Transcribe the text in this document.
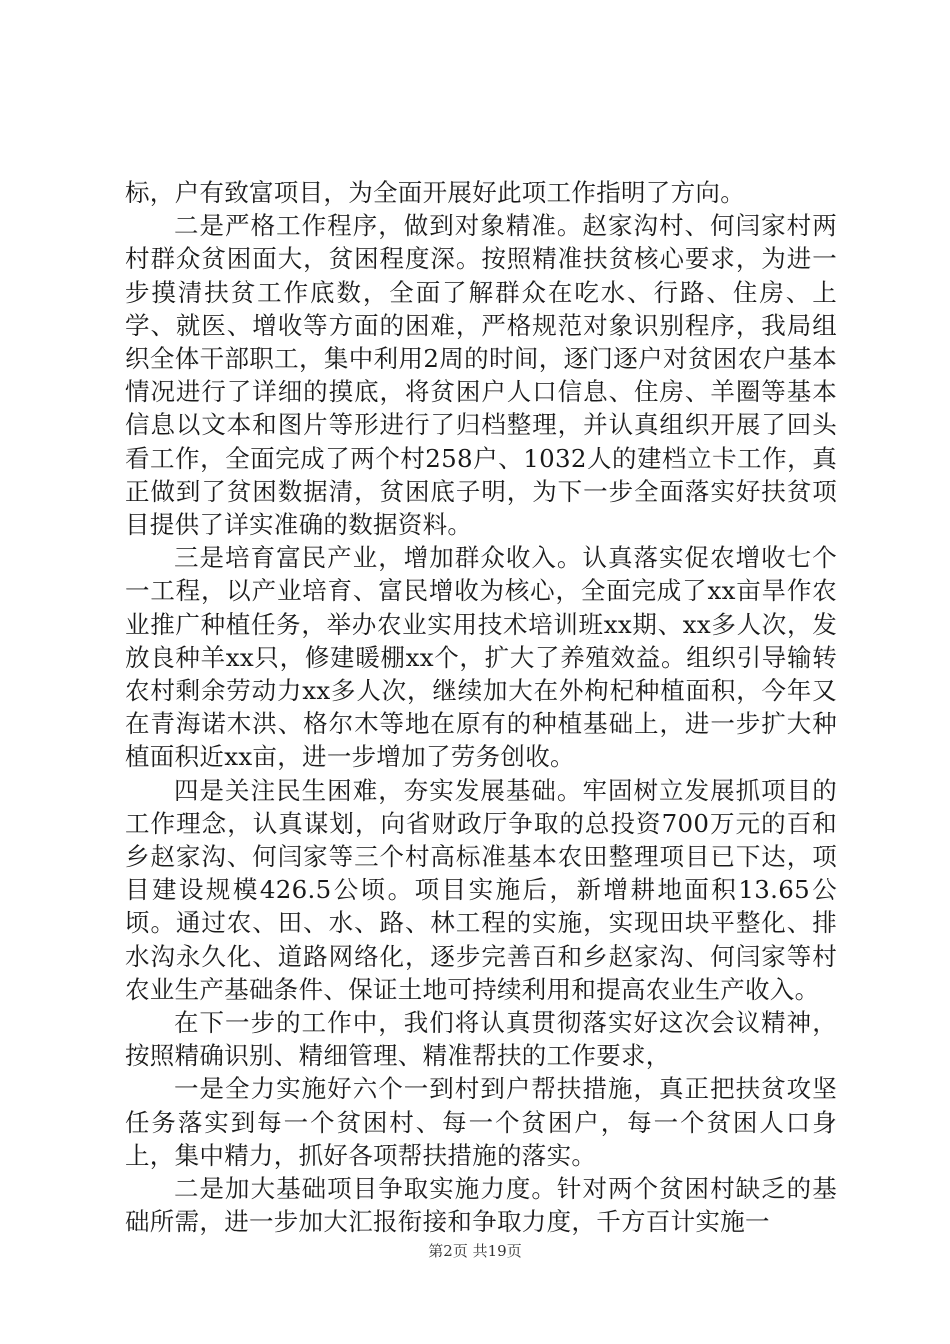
标，户有致富项目，为全面开展好此项工作指明了方向。

二是严格工作程序，做到对象精准。赵家沟村、何闫家村两村群众贫困面大，贫困程度深。按照精准扶贫核心要求，为进一步摸清扶贫工作底数，全面了解群众在吃水、行路、住房、上学、就医、增收等方面的困难，严格规范对象识别程序，我局组织全体干部职工，集中利用2周的时间，逐门逐户对贫困农户基本情况进行了详细的摸底，将贫困户人口信息、住房、羊圈等基本信息以文本和图片等形进行了归档整理，并认真组织开展了回头看工作，全面完成了两个村258户、1032人的建档立卡工作，真正做到了贫困数据清，贫困底子明，为下一步全面落实好扶贫项目提供了详实准确的数据资料。

三是培育富民产业，增加群众收入。认真落实促农增收七个一工程，以产业培育、富民增收为核心，全面完成了xx亩旱作农业推广种植任务，举办农业实用技术培训班xx期、xx多人次，发放良种羊xx只，修建暖棚xx个，扩大了养殖效益。组织引导输转农村剩余劳动力xx多人次，继续加大在外枸杞种植面积，今年又在青海诺木洪、格尔木等地在原有的种植基础上，进一步扩大种植面积近xx亩，进一步增加了劳务创收。

四是关注民生困难，夯实发展基础。牢固树立发展抓项目的工作理念，认真谋划，向省财政厅争取的总投资700万元的百和乡赵家沟、何闫家等三个村高标准基本农田整理项目已下达，项目建设规模426.5公顷。项目实施后，新增耕地面积13.65公顷。通过农、田、水、路、林工程的实施，实现田块平整化、排水沟永久化、道路网络化，逐步完善百和乡赵家沟、何闫家等村农业生产基础条件、保证土地可持续利用和提高农业生产收入。

在下一步的工作中，我们将认真贯彻落实好这次会议精神，按照精确识别、精细管理、精准帮扶的工作要求，

一是全力实施好六个一到村到户帮扶措施，真正把扶贫攻坚任务落实到每一个贫困村、每一个贫困户，每一个贫困人口身上，集中精力，抓好各项帮扶措施的落实。

二是加大基础项目争取实施力度。针对两个贫困村缺乏的基础所需，进一步加大汇报衔接和争取力度，千方百计实施一

第2页 共19页
